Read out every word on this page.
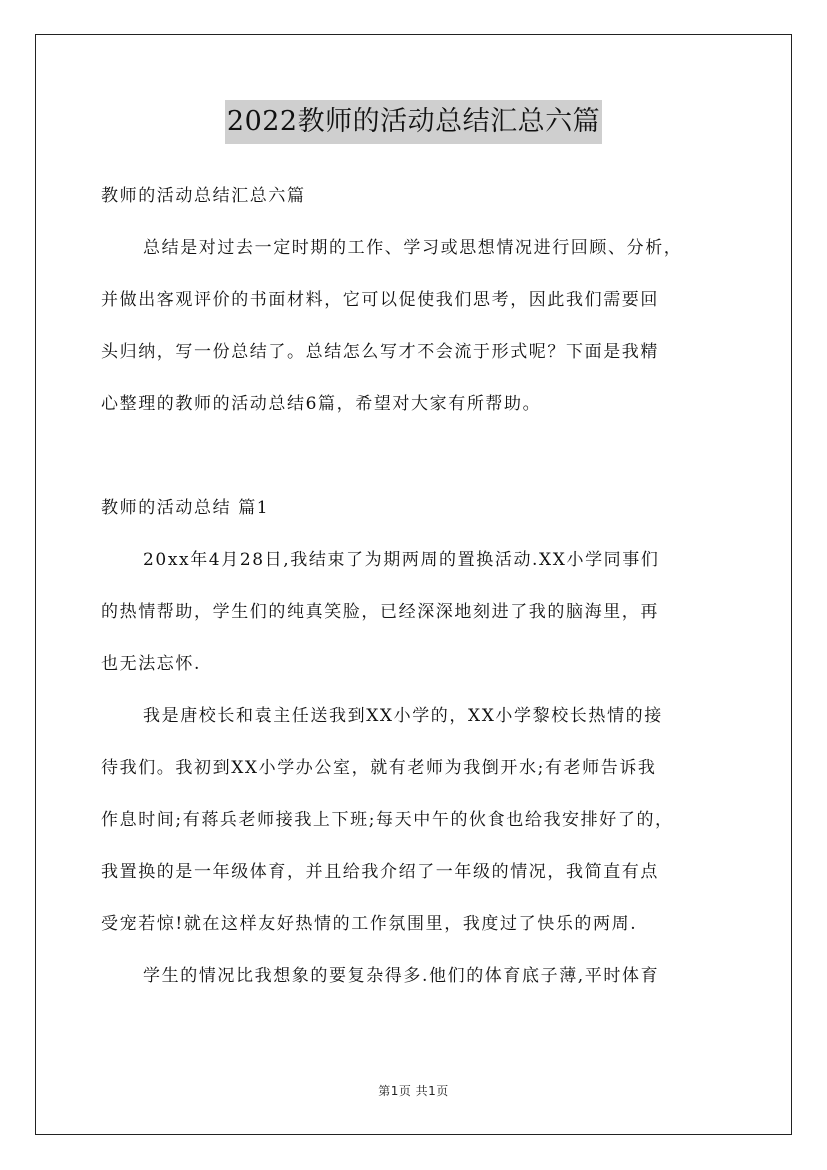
2022教师的活动总结汇总六篇
教师的活动总结汇总六篇
总结是对过去一定时期的工作、学习或思想情况进行回顾、分析，
并做出客观评价的书面材料，它可以促使我们思考，因此我们需要回
头归纳，写一份总结了。总结怎么写才不会流于形式呢？下面是我精
心整理的教师的活动总结6篇，希望对大家有所帮助。
教师的活动总结 篇1
20xx年4月28日,我结束了为期两周的置换活动.XX小学同事们
的热情帮助，学生们的纯真笑脸，已经深深地刻进了我的脑海里，再
也无法忘怀.
我是唐校长和袁主任送我到XX小学的，XX小学黎校长热情的接
待我们。我初到XX小学办公室，就有老师为我倒开水;有老师告诉我
作息时间;有蒋兵老师接我上下班;每天中午的伙食也给我安排好了的，
我置换的是一年级体育，并且给我介绍了一年级的情况，我简直有点
受宠若惊!就在这样友好热情的工作氛围里，我度过了快乐的两周.
学生的情况比我想象的要复杂得多.他们的体育底子薄,平时体育
第1页 共1页
